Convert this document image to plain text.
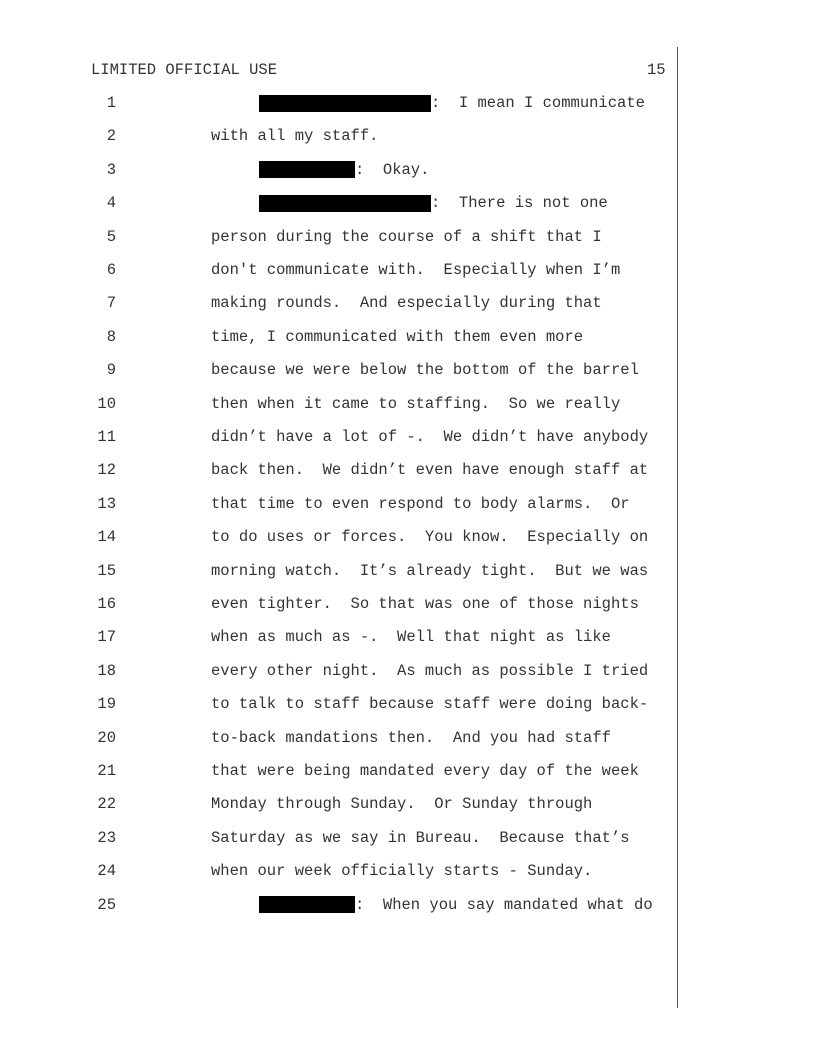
LIMITED OFFICIAL USE	15
1	:  I mean I communicate
2	with all my staff.
3	:  Okay.
4	:  There is not one
5	person during the course of a shift that I
6	don't communicate with.  Especially when I’m
7	making rounds.  And especially during that
8	time, I communicated with them even more
9	because we were below the bottom of the barrel
10	then when it came to staffing.  So we really
11	didn’t have a lot of -.  We didn’t have anybody
12	back then.  We didn’t even have enough staff at
13	that time to even respond to body alarms.  Or
14	to do uses or forces.  You know.  Especially on
15	morning watch.  It’s already tight.  But we was
16	even tighter.  So that was one of those nights
17	when as much as -.  Well that night as like
18	every other night.  As much as possible I tried
19	to talk to staff because staff were doing back-
20	to-back mandations then.  And you had staff
21	that were being mandated every day of the week
22	Monday through Sunday.  Or Sunday through
23	Saturday as we say in Bureau.  Because that’s
24	when our week officially starts - Sunday.
25	:  When you say mandated what do
